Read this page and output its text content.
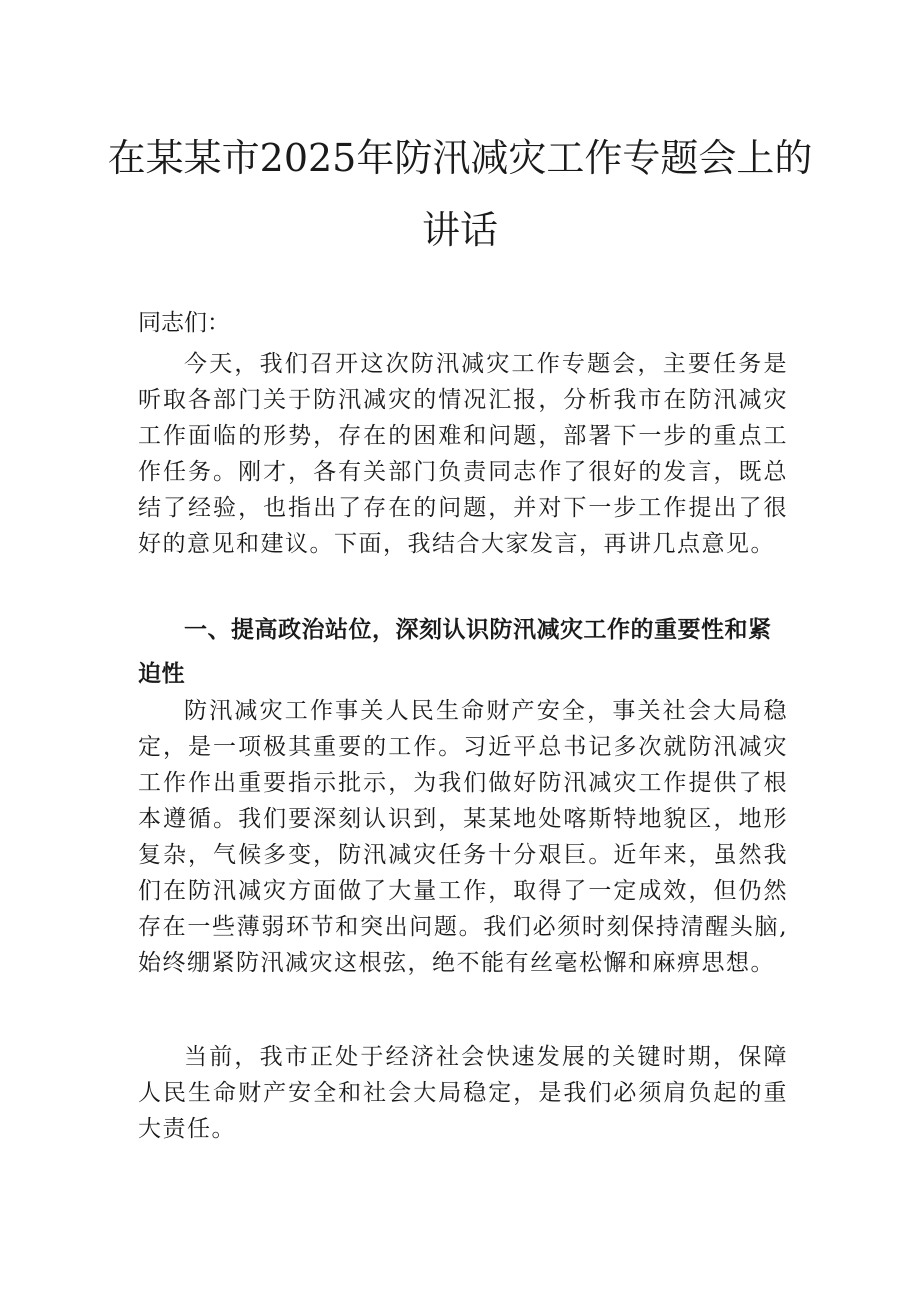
在某某市2025年防汛减灾工作专题会上的
讲话

同志们：

今天，我们召开这次防汛减灾工作专题会，主要任务是听取各部门关于防汛减灾的情况汇报，分析我市在防汛减灾工作面临的形势，存在的困难和问题，部署下一步的重点工作任务。刚才，各有关部门负责同志作了很好的发言，既总结了经验，也指出了存在的问题，并对下一步工作提出了很好的意见和建议。下面，我结合大家发言，再讲几点意见。

一、提高政治站位，深刻认识防汛减灾工作的重要性和紧迫性

防汛减灾工作事关人民生命财产安全，事关社会大局稳定，是一项极其重要的工作。习近平总书记多次就防汛减灾工作作出重要指示批示，为我们做好防汛减灾工作提供了根本遵循。我们要深刻认识到，某某地处喀斯特地貌区，地形复杂，气候多变，防汛减灾任务十分艰巨。近年来，虽然我们在防汛减灾方面做了大量工作，取得了一定成效，但仍然存在一些薄弱环节和突出问题。我们必须时刻保持清醒头脑,始终绷紧防汛减灾这根弦，绝不能有丝毫松懈和麻痹思想。

当前，我市正处于经济社会快速发展的关键时期，保障人民生命财产安全和社会大局稳定，是我们必须肩负起的重大责任。
